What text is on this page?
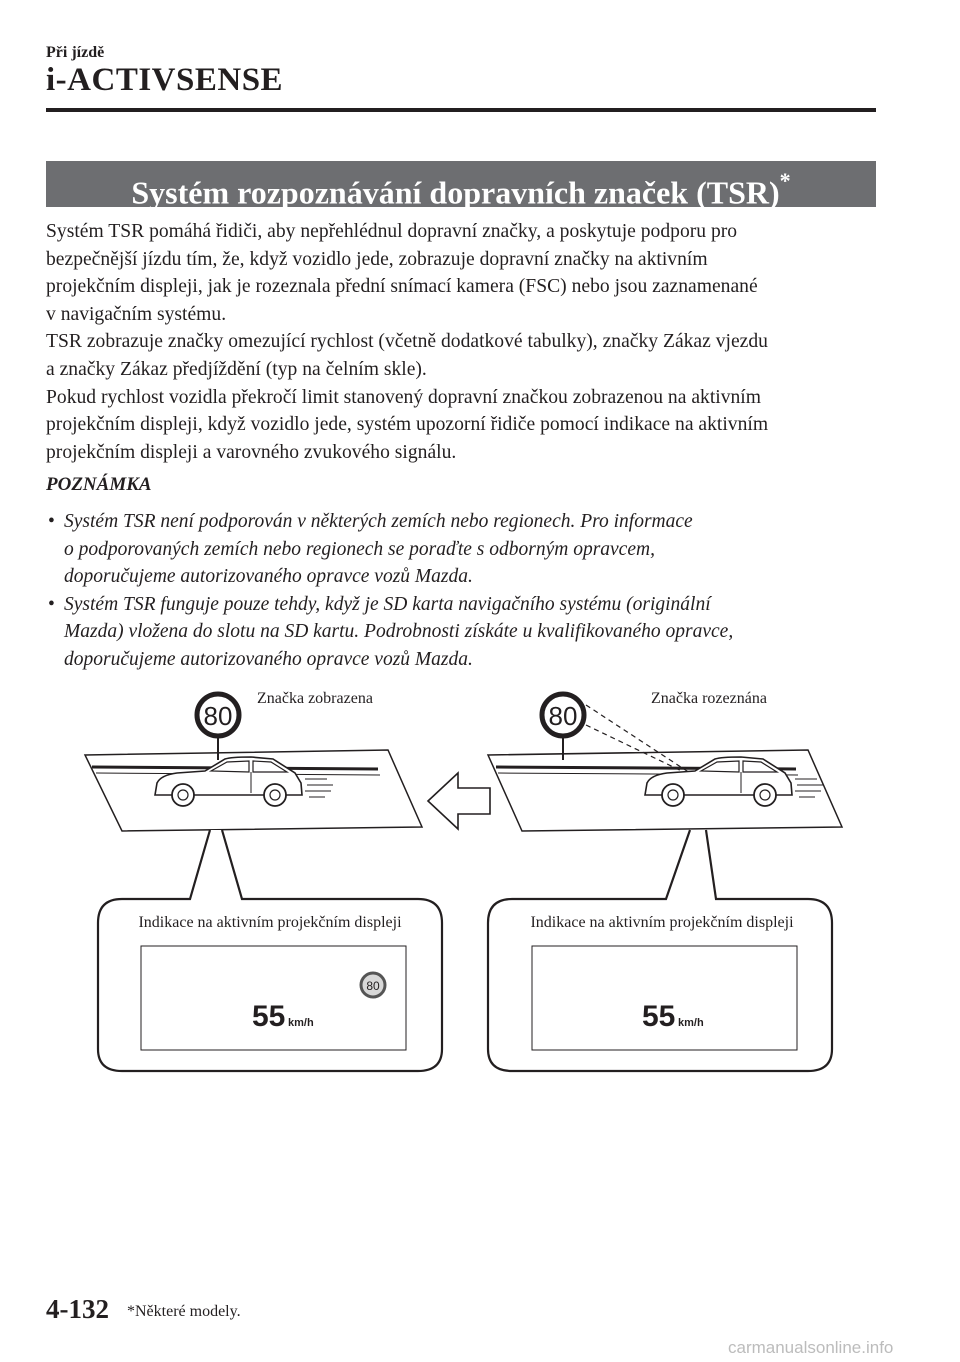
Při jízdě
i-ACTIVSENSE
Systém rozpoznávání dopravních značek (TSR)*

Systém TSR pomáhá řidiči, aby nepřehlédnul dopravní značky, a poskytuje podporu pro
bezpečnější jízdu tím, že, když vozidlo jede, zobrazuje dopravní značky na aktivním
projekčním displeji, jak je rozeznala přední snímací kamera (FSC) nebo jsou zaznamenané
v navigačním systému.

TSR zobrazuje značky omezující rychlost (včetně dodatkové tabulky), značky Zákaz vjezdu
a značky Zákaz předjíždění (typ na čelním skle).

Pokud rychlost vozidla překročí limit stanovený dopravní značkou zobrazenou na aktivním
projekčním displeji, když vozidlo jede, systém upozorní řidiče pomocí indikace na aktivním
projekčním displeji a varovného zvukového signálu.

POZNÁMKA

• Systém TSR není podporován v některých zemích nebo regionech. Pro informace
o podporovaných zemích nebo regionech se poraďte s odborným opravcem,
doporučujeme autorizovaného opravce vozů Mazda.

• Systém TSR funguje pouze tehdy, když je SD karta navigačního systému (originální
Mazda) vložena do slotu na SD kartu. Podrobnosti získáte u kvalifikovaného opravce,
doporučujeme autorizovaného opravce vozů Mazda.

80
Značka zobrazena
80
Značka rozeznána
Indikace na aktivním projekčním displeji
80
55 km/h
Indikace na aktivním projekčním displeji
55 km/h
4-132 *Některé modely.
carmanualsonline.info
